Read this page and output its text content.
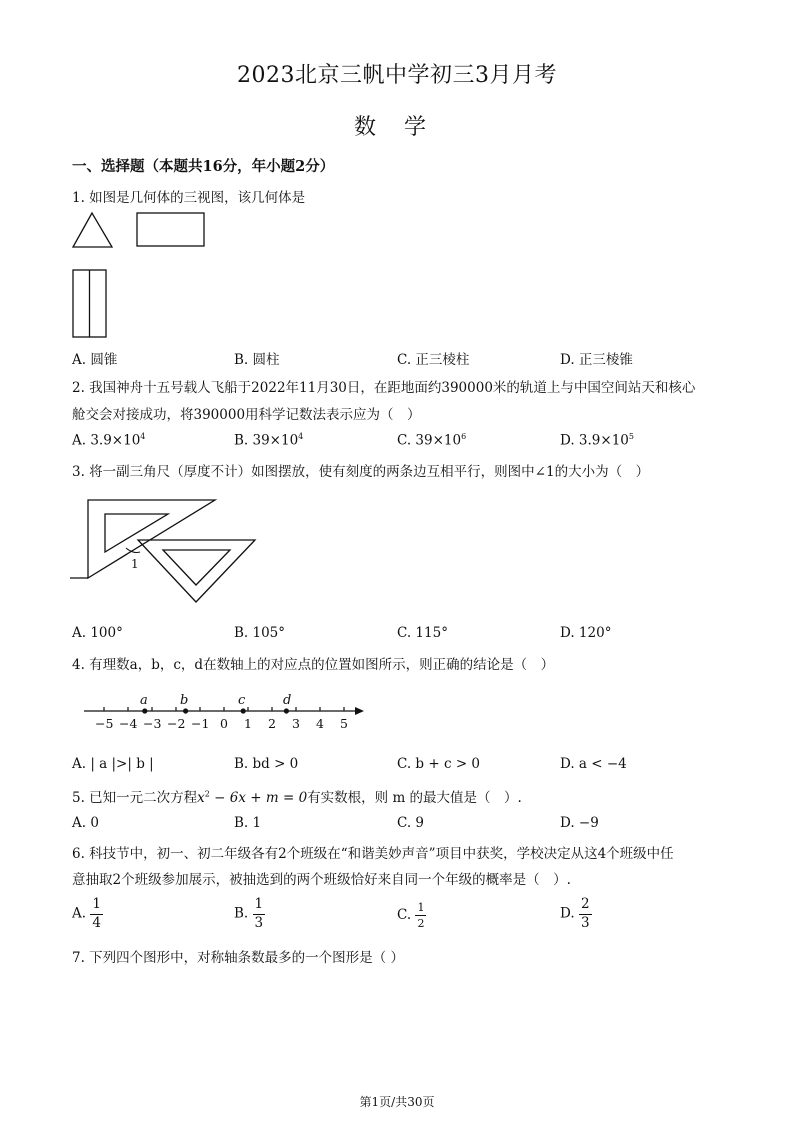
2023北京三帆中学初三3月月考
数学
一、选择题（本题共16分，年小题2分）
1. 如图是几何体的三视图，该几何体是
A. 圆锥	B. 圆柱	C. 正三棱柱	D. 正三棱锥
2. 我国神舟十五号载人飞船于2022年11月30日，在距地面约390000米的轨道上与中国空间站天和核心
舱交会对接成功，将390000用科学记数法表示应为（　）
A. $3.9\times 10^4$	B. $39\times 10^4$	C. $39\times 10^6$	D. $3.9\times 10^5$
3. 将一副三角尺（厚度不计）如图摆放，使有刻度的两条边互相平行，则图中∠1的大小为（　）
1
A. 100°	B. 105°	C. 115°	D. 120°
4. 有理数a，b，c，d在数轴上的对应点的位置如图所示，则正确的结论是（　）
−5 −4 −3 −2 −1 0 1 2 3 4 5
a b	c	d
A. | a |>| b |	B. bd > 0	C. b + c > 0	D. a < −4
5. 已知一元二次方程$x^2 - 6x + m = 0$有实数根，则 m 的最大值是（　）.
A. 0	B. 1	C. 9	D. −9
6. 科技节中，初一、初二年级各有2个班级在“和谐美妙声音”项目中获奖，学校决定从这4个班级中任
意抽取2个班级参加展示，被抽选到的两个班级恰好来自同一个年级的概率是（　）.
A. $\frac{1}{4}$	B. $\frac{1}{3}$	C. $\frac{1}{2}$	D. $\frac{2}{3}$
7. 下列四个图形中，对称轴条数最多的一个图形是（ ）
第1页/共30页
